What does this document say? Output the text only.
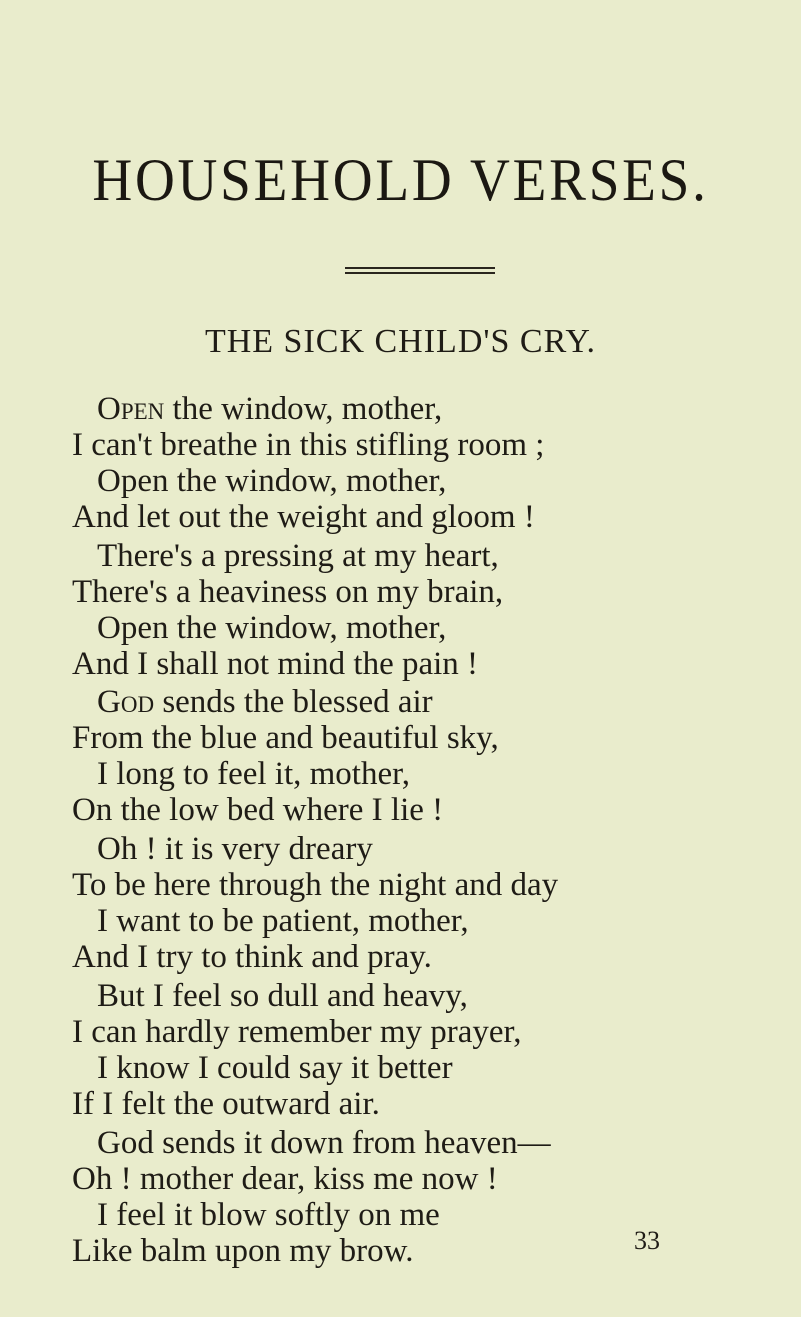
HOUSEHOLD VERSES.
THE SICK CHILD'S CRY.
Open the window, mother,
I can't breathe in this stifling room ;
Open the window, mother,
And let out the weight and gloom !
There's a pressing at my heart,
There's a heaviness on my brain,
Open the window, mother,
And I shall not mind the pain !
God sends the blessed air
From the blue and beautiful sky,
I long to feel it, mother,
On the low bed where I lie !
Oh ! it is very dreary
To be here through the night and day
I want to be patient, mother,
And I try to think and pray.
But I feel so dull and heavy,
I can hardly remember my prayer,
I know I could say it better
If I felt the outward air.
God sends it down from heaven—
Oh ! mother dear, kiss me now !
I feel it blow softly on me
Like balm upon my brow.	33
